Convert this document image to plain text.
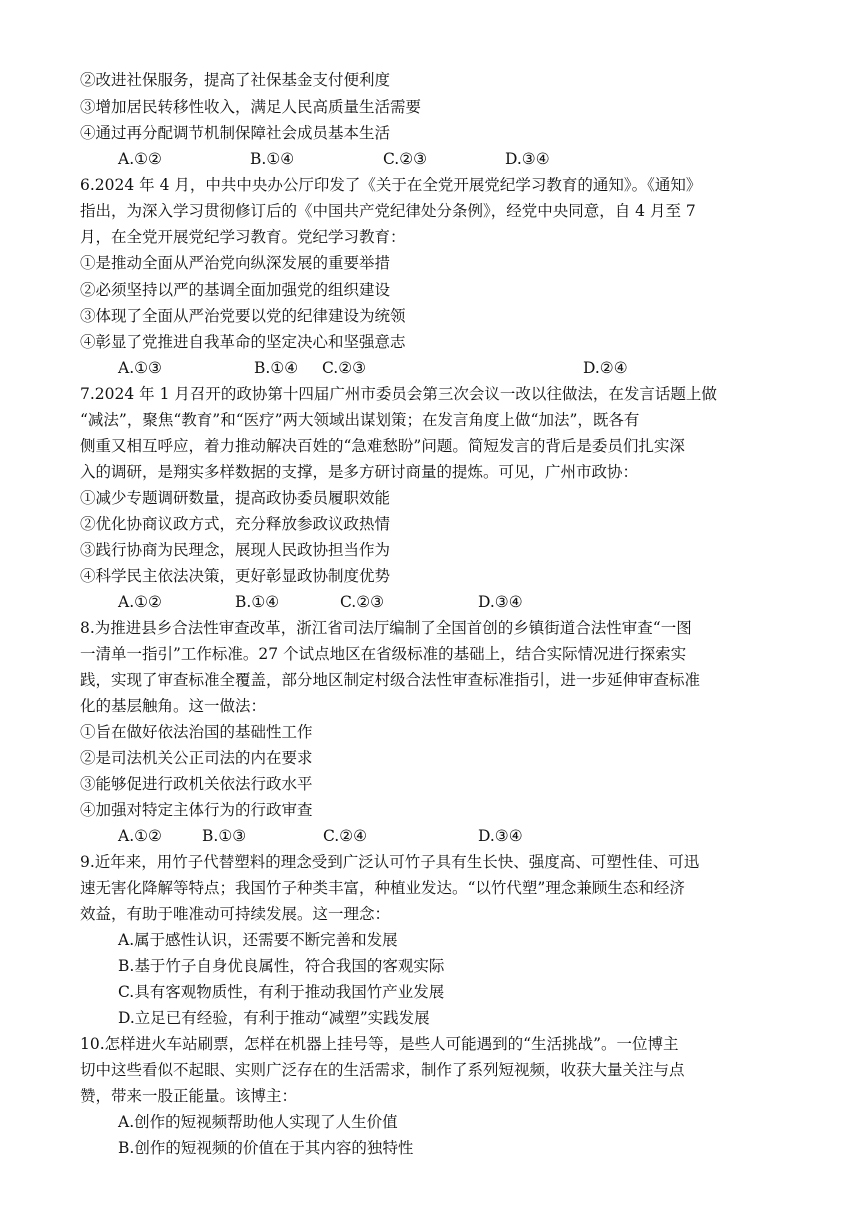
②改进社保服务，提高了社保基金支付便利度
③增加居民转移性收入，满足人民高质量生活需要
④通过再分配调节机制保障社会成员基本生活
A.①②	B.①④	C.②③	D.③④
6.2024 年 4 月，中共中央办公厅印发了《关于在全党开展党纪学习教育的通知》。《通知》
指出，为深入学习贯彻修订后的《中国共产党纪律处分条例》，经党中央同意，自 4 月至 7
月，在全党开展党纪学习教育。党纪学习教育：
①是推动全面从严治党向纵深发展的重要举措
②必须坚持以严的基调全面加强党的组织建设
③体现了全面从严治党要以党的纪律建设为统领
④彰显了党推进自我革命的坚定决心和坚强意志
A.①③	B.①④ C.②③	D.②④
7.2024 年 1 月召开的政协第十四届广州市委员会第三次会议一改以往做法，在发言话题上做
“减法”，聚焦“教育”和“医疗”两大领域出谋划策；在发言角度上做“加法”，既各有
侧重又相互呼应，着力推动解决百姓的“急难愁盼”问题。简短发言的背后是委员们扎实深
入的调研，是翔实多样数据的支撑，是多方研讨商量的提炼。可见，广州市政协：
①减少专题调研数量，提高政协委员履职效能
②优化协商议政方式，充分释放参政议政热情
③践行协商为民理念，展现人民政协担当作为
④科学民主依法决策，更好彰显政协制度优势
A.①②	B.①④	C.②③	D.③④
8.为推进县乡合法性审查改革，浙江省司法厅编制了全国首创的乡镇街道合法性审查“一图
一清单一指引”工作标准。27 个试点地区在省级标准的基础上，结合实际情况进行探索实
践，实现了审查标准全覆盖，部分地区制定村级合法性审查标准指引，进一步延伸审查标准
化的基层触角。这一做法：
①旨在做好依法治国的基础性工作
②是司法机关公正司法的内在要求
③能够促进行政机关依法行政水平
④加强对特定主体行为的行政审查
A.①②	B.①③	C.②④	D.③④
9.近年来，用竹子代替塑料的理念受到广泛认可竹子具有生长快、强度高、可塑性佳、可迅
速无害化降解等特点；我国竹子种类丰富，种植业发达。“以竹代塑”理念兼顾生态和经济
效益，有助于唯准动可持续发展。这一理念：
A.属于感性认识，还需要不断完善和发展
B.基于竹子自身优良属性，符合我国的客观实际
C.具有客观物质性，有利于推动我国竹产业发展
D.立足已有经验，有利于推动“减塑”实践发展
10.怎样进火车站刷票，怎样在机器上挂号等，是些人可能遇到的“生活挑战”。一位博主
切中这些看似不起眼、实则广泛存在的生活需求，制作了系列短视频，收获大量关注与点
赞，带来一股正能量。该博主：
A.创作的短视频帮助他人实现了人生价值
B.创作的短视频的价值在于其内容的独特性
